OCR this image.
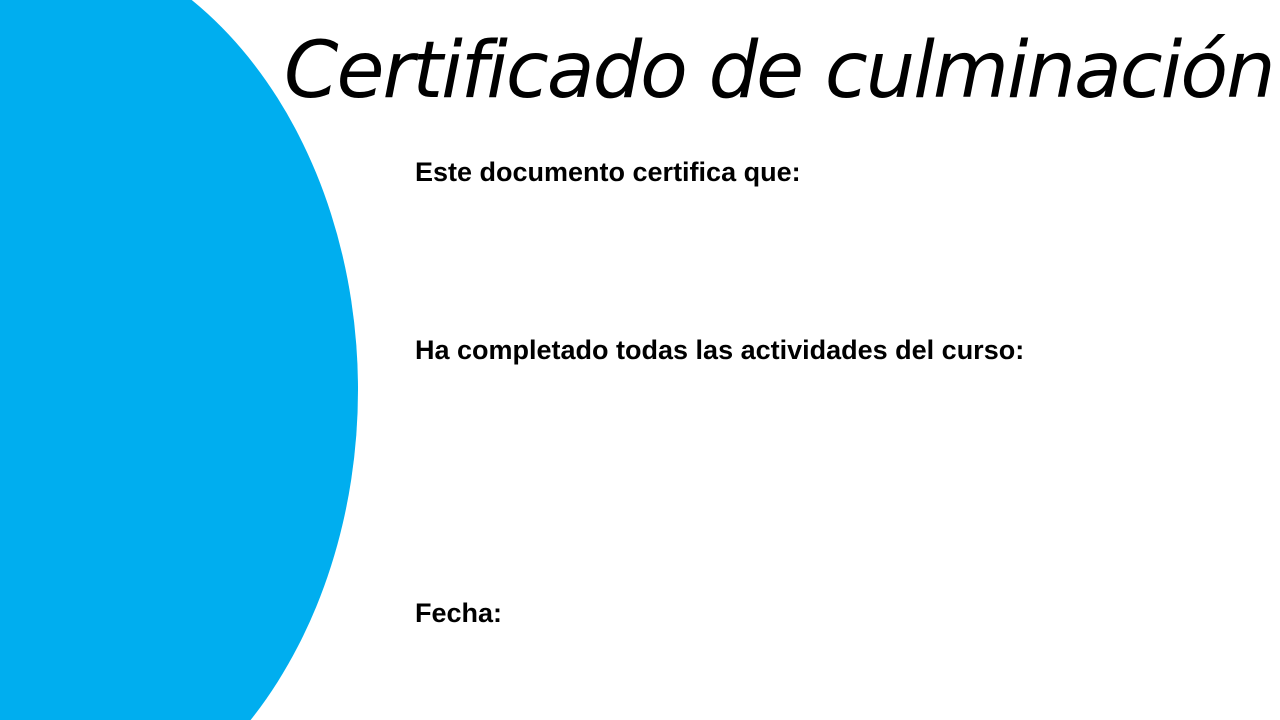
Certificado de culminación

Este documento certifica que:

Ha completado todas las actividades del curso:

Fecha:
